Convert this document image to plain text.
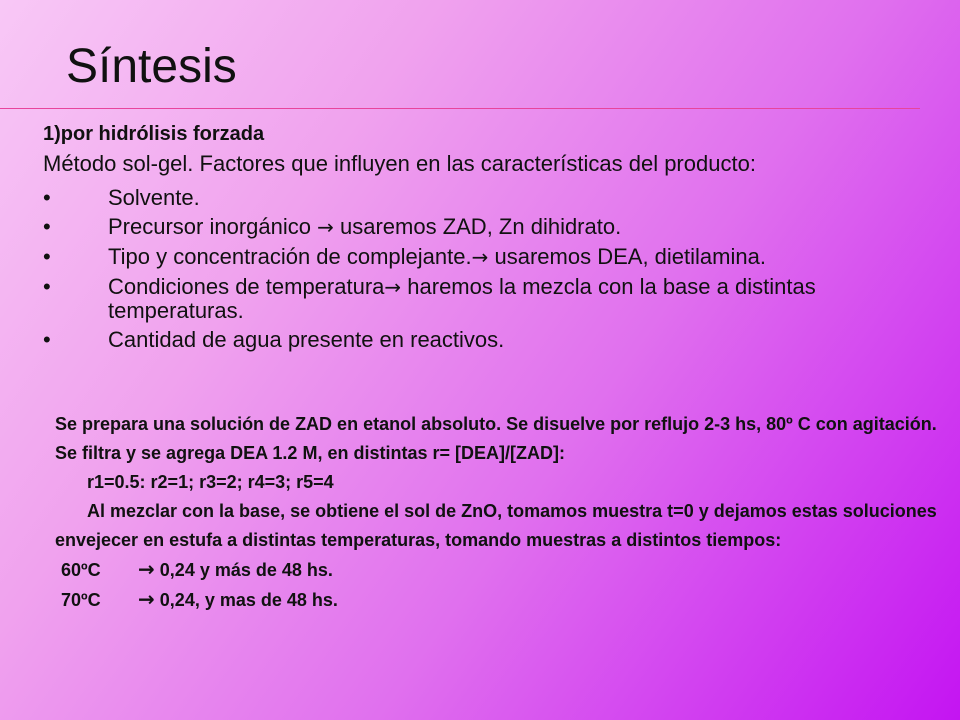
Síntesis
1)por hidrólisis forzada
Método sol-gel. Factores que influyen en las características del producto:
•	Solvente.
•	Precursor inorgánico → usaremos ZAD, Zn dihidrato.
•	Tipo y concentración de complejante.→ usaremos DEA, dietilamina.
•	Condiciones de temperatura→ haremos la mezcla con la base a distintas temperaturas.
•	Cantidad de agua presente en reactivos.

Se prepara una solución de ZAD en etanol absoluto. Se disuelve por reflujo 2-3 hs, 80º C con agitación. Se filtra y se agrega DEA 1.2 M, en distintas r= [DEA]/[ZAD]:

r1=0.5: r2=1; r3=2; r4=3; r5=4

Al mezclar con la base, se obtiene el sol de ZnO, tomamos muestra t=0 y dejamos estas soluciones envejecer en estufa a distintas temperaturas, tomando muestras a distintos tiempos:

60ºC → 0,24 y más de 48 hs.

70ºC → 0,24, y mas de 48 hs.
